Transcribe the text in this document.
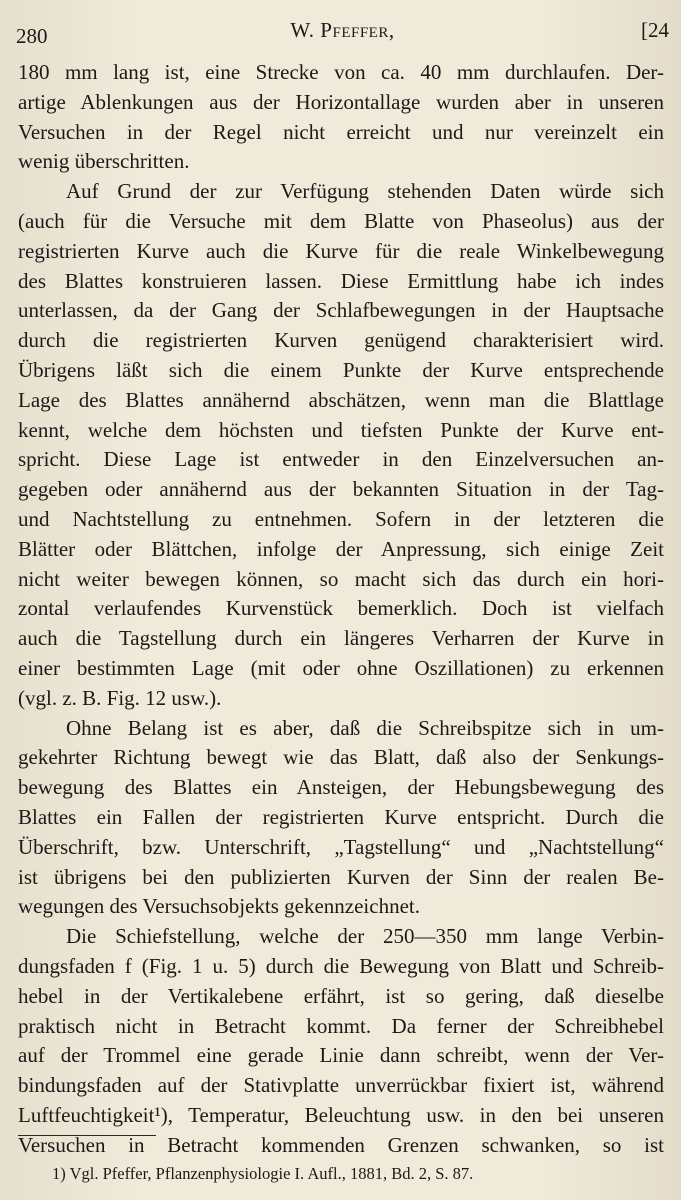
280	W. Pfeffer,	[24
180 mm lang ist, eine Strecke von ca. 40 mm durchlaufen. Der-
artige Ablenkungen aus der Horizontallage wurden aber in unseren
Versuchen in der Regel nicht erreicht und nur vereinzelt ein
wenig überschritten.
Auf Grund der zur Verfügung stehenden Daten würde sich
(auch für die Versuche mit dem Blatte von Phaseolus) aus der
registrierten Kurve auch die Kurve für die reale Winkelbewegung
des Blattes konstruieren lassen. Diese Ermittlung habe ich indes
unterlassen, da der Gang der Schlafbewegungen in der Hauptsache
durch die registrierten Kurven genügend charakterisiert wird.
Übrigens läßt sich die einem Punkte der Kurve entsprechende
Lage des Blattes annähernd abschätzen, wenn man die Blattlage
kennt, welche dem höchsten und tiefsten Punkte der Kurve ent-
spricht. Diese Lage ist entweder in den Einzelversuchen an-
gegeben oder annähernd aus der bekannten Situation in der Tag-
und Nachtstellung zu entnehmen. Sofern in der letzteren die
Blätter oder Blättchen, infolge der Anpressung, sich einige Zeit
nicht weiter bewegen können, so macht sich das durch ein hori-
zontal verlaufendes Kurvenstück bemerklich. Doch ist vielfach
auch die Tagstellung durch ein längeres Verharren der Kurve in
einer bestimmten Lage (mit oder ohne Oszillationen) zu erkennen
(vgl. z. B. Fig. 12 usw.).
Ohne Belang ist es aber, daß die Schreibspitze sich in um-
gekehrter Richtung bewegt wie das Blatt, daß also der Senkungs-
bewegung des Blattes ein Ansteigen, der Hebungsbewegung des
Blattes ein Fallen der registrierten Kurve entspricht. Durch die
Überschrift, bzw. Unterschrift, „Tagstellung“ und „Nachtstellung“
ist übrigens bei den publizierten Kurven der Sinn der realen Be-
wegungen des Versuchsobjekts gekennzeichnet.
Die Schiefstellung, welche der 250—350 mm lange Verbin-
dungsfaden f (Fig. 1 u. 5) durch die Bewegung von Blatt und Schreib-
hebel in der Vertikalebene erfährt, ist so gering, daß dieselbe
praktisch nicht in Betracht kommt. Da ferner der Schreibhebel
auf der Trommel eine gerade Linie dann schreibt, wenn der Ver-
bindungsfaden auf der Stativplatte unverrückbar fixiert ist, während
Luftfeuchtigkeit¹), Temperatur, Beleuchtung usw. in den bei unseren
Versuchen in Betracht kommenden Grenzen schwanken, so ist
1) Vgl. Pfeffer, Pflanzenphysiologie I. Aufl., 1881, Bd. 2, S. 87.
